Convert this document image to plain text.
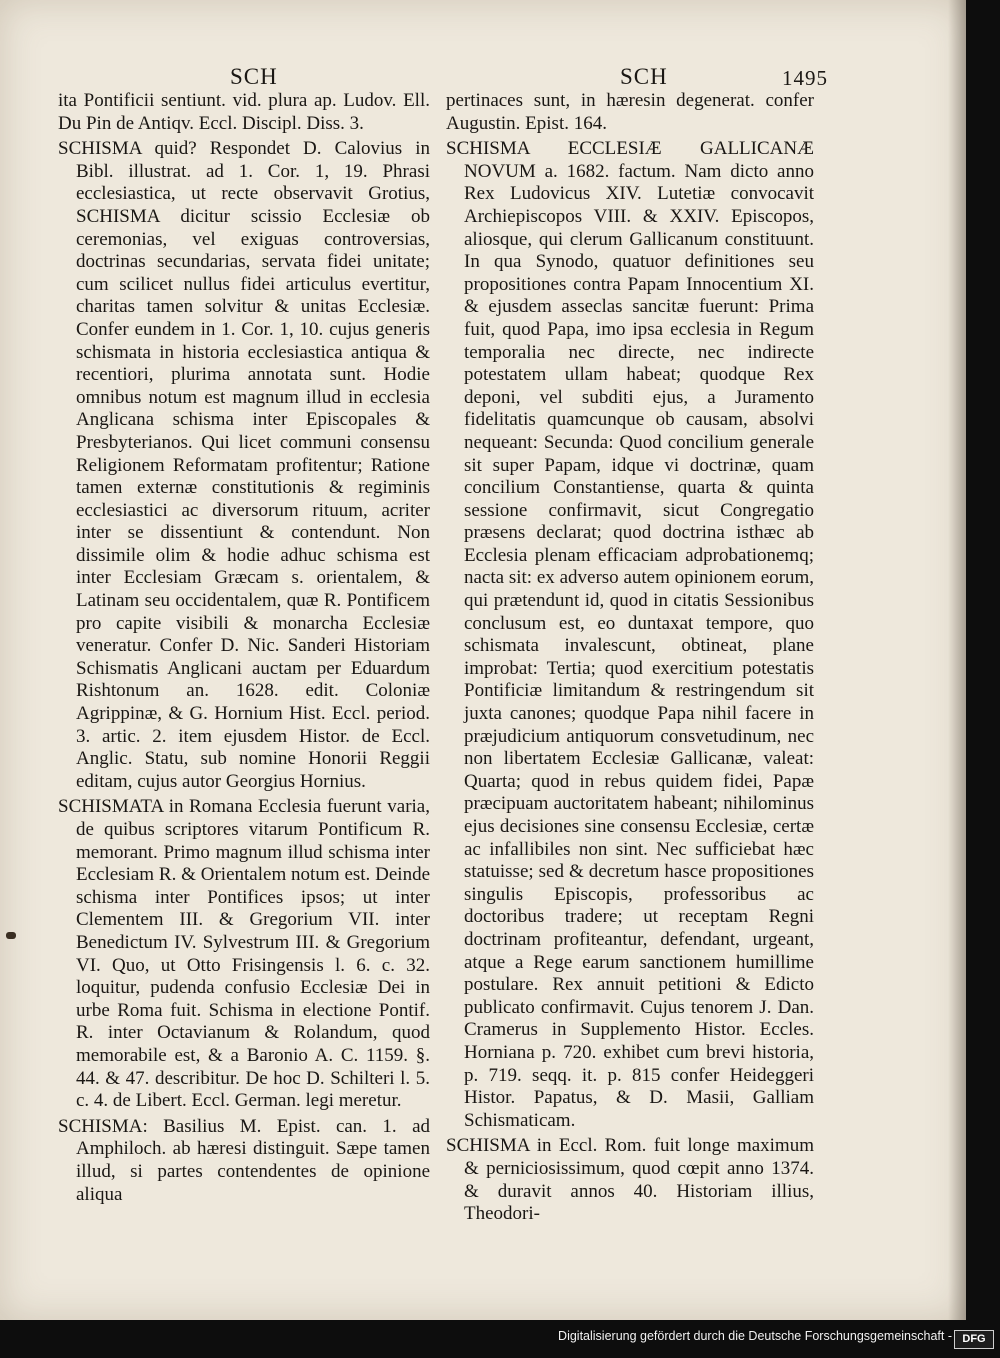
SCH	SCH	1495

ita Pontificii sentiunt. vid. plura ap. Ludov. Ell. Du Pin de Antiqv. Eccl. Discipl. Diss. 3.

SCHISMA quid? Respondet D. Calovius in Bibl. illustrat. ad 1. Cor. 1, 19. Phrasi ecclesiastica, ut recte observavit Grotius, SCHISMA dicitur scissio Ecclesiæ ob ceremonias, vel exiguas controversias, doctrinas secundarias, servata fidei unitate; cum scilicet nullus fidei articulus evertitur, charitas tamen solvitur & unitas Ecclesiæ. Confer eundem in 1. Cor. 1, 10. cujus generis schismata in historia ecclesiastica antiqua & recentiori, plurima annotata sunt. Hodie omnibus notum est magnum illud in ecclesia Anglicana schisma inter Episcopales & Presbyterianos. Qui licet communi consensu Religionem Reformatam profitentur; Ratione tamen externæ constitutionis & regiminis ecclesiastici ac diversorum rituum, acriter inter se dissentiunt & contendunt. Non dissimile olim & hodie adhuc schisma est inter Ecclesiam Græcam s. orientalem, & Latinam seu occidentalem, quæ R. Pontificem pro capite visibili & monarcha Ecclesiæ veneratur. Confer D. Nic. Sanderi Historiam Schismatis Anglicani auctam per Eduardum Rishtonum an. 1628. edit. Coloniæ Agrippinæ, & G. Hornium Hist. Eccl. period. 3. artic. 2. item ejusdem Histor. de Eccl. Anglic. Statu, sub nomine Honorii Reggii editam, cujus autor Georgius Hornius.

SCHISMATA in Romana Ecclesia fuerunt varia, de quibus scriptores vitarum Pontificum R. memorant. Primo magnum illud schisma inter Ecclesiam R. & Orientalem notum est. Deinde schisma inter Pontifices ipsos; ut inter Clementem III. & Gregorium VII. inter Benedictum IV. Sylvestrum III. & Gregorium VI. Quo, ut Otto Frisingensis l. 6. c. 32. loquitur, pudenda confusio Ecclesiæ Dei in urbe Roma fuit. Schisma in electione Pontif. R. inter Octavianum & Rolandum, quod memorabile est, & a Baronio A. C. 1159. §. 44. & 47. describitur. De hoc D. Schilteri l. 5. c. 4. de Libert. Eccl. German. legi meretur.

SCHISMA: Basilius M. Epist. can. 1. ad Amphiloch. ab hæresi distinguit. Sæpe tamen illud, si partes contendentes de opinione aliqua

pertinaces sunt, in hæresin degenerat. confer Augustin. Epist. 164.

SCHISMA ECCLESIÆ GALLICANÆ NOVUM a. 1682. factum. Nam dicto anno Rex Ludovicus XIV. Lutetiæ convocavit Archiepiscopos VIII. & XXIV. Episcopos, aliosque, qui clerum Gallicanum constituunt. In qua Synodo, quatuor definitiones seu propositiones contra Papam Innocentium XI. & ejusdem asseclas sancitæ fuerunt: Prima fuit, quod Papa, imo ipsa ecclesia in Regum temporalia nec directe, nec indirecte potestatem ullam habeat; quodque Rex deponi, vel subditi ejus, a Juramento fidelitatis quamcunque ob causam, absolvi nequeant: Secunda: Quod concilium generale sit super Papam, idque vi doctrinæ, quam concilium Constantiense, quarta & quinta sessione confirmavit, sicut Congregatio præsens declarat; quod doctrina isthæc ab Ecclesia plenam efficaciam adprobationemq; nacta sit: ex adverso autem opinionem eorum, qui prætendunt id, quod in citatis Sessionibus conclusum est, eo duntaxat tempore, quo schismata invalescunt, obtineat, plane improbat: Tertia; quod exercitium potestatis Pontificiæ limitandum & restringendum sit juxta canones; quodque Papa nihil facere in præjudicium antiquorum consvetudinum, nec non libertatem Ecclesiæ Gallicanæ, valeat: Quarta; quod in rebus quidem fidei, Papæ præcipuam auctoritatem habeant; nihilominus ejus decisiones sine consensu Ecclesiæ, certæ ac infallibiles non sint. Nec sufficiebat hæc statuisse; sed & decretum hasce propositiones singulis Episcopis, professoribus ac doctoribus tradere; ut receptam Regni doctrinam profiteantur, defendant, urgeant, atque a Rege earum sanctionem humillime postulare. Rex annuit petitioni & Edicto publicato confirmavit. Cujus tenorem J. Dan. Cramerus in Supplemento Histor. Eccles. Horniana p. 720. exhibet cum brevi historia, p. 719. seqq. it. p. 815 confer Heideggeri Histor. Papatus, & D. Masii, Galliam Schismaticam.

SCHISMA in Eccl. Rom. fuit longe maximum & perniciosissimum, quod cœpit anno 1374. & duravit annos 40. Historiam illius, Theodori-

Digitalisierung gefördert durch die Deutsche Forschungsgemeinschaft - DFG
